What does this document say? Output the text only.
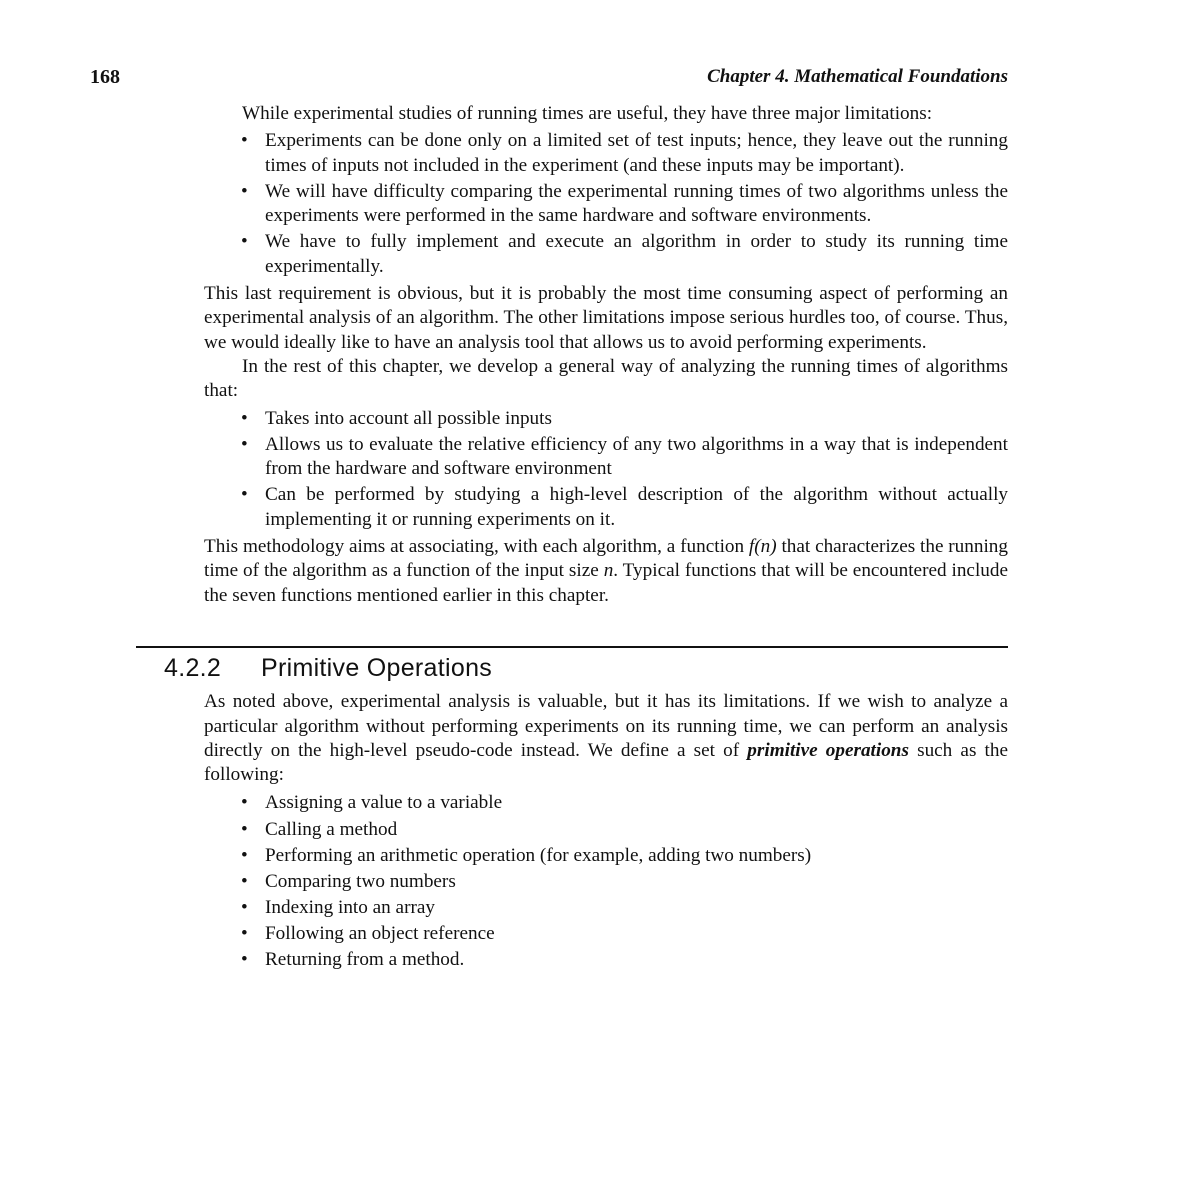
168	Chapter 4. Mathematical Foundations

While experimental studies of running times are useful, they have three major limitations:

• Experiments can be done only on a limited set of test inputs; hence, they leave out the running times of inputs not included in the experiment (and these inputs may be important).
• We will have difficulty comparing the experimental running times of two algorithms unless the experiments were performed in the same hardware and software environments.
• We have to fully implement and execute an algorithm in order to study its running time experimentally.

This last requirement is obvious, but it is probably the most time consuming aspect of performing an experimental analysis of an algorithm. The other limitations impose serious hurdles too, of course. Thus, we would ideally like to have an analysis tool that allows us to avoid performing experiments.

In the rest of this chapter, we develop a general way of analyzing the running times of algorithms that:

• Takes into account all possible inputs
• Allows us to evaluate the relative efficiency of any two algorithms in a way that is independent from the hardware and software environment
• Can be performed by studying a high-level description of the algorithm without actually implementing it or running experiments on it.

This methodology aims at associating, with each algorithm, a function f(n) that characterizes the running time of the algorithm as a function of the input size n. Typical functions that will be encountered include the seven functions mentioned earlier in this chapter.

4.2.2 Primitive Operations

As noted above, experimental analysis is valuable, but it has its limitations. If we wish to analyze a particular algorithm without performing experiments on its running time, we can perform an analysis directly on the high-level pseudo-code instead. We define a set of primitive operations such as the following:

• Assigning a value to a variable
• Calling a method
• Performing an arithmetic operation (for example, adding two numbers)
• Comparing two numbers
• Indexing into an array
• Following an object reference
• Returning from a method.
